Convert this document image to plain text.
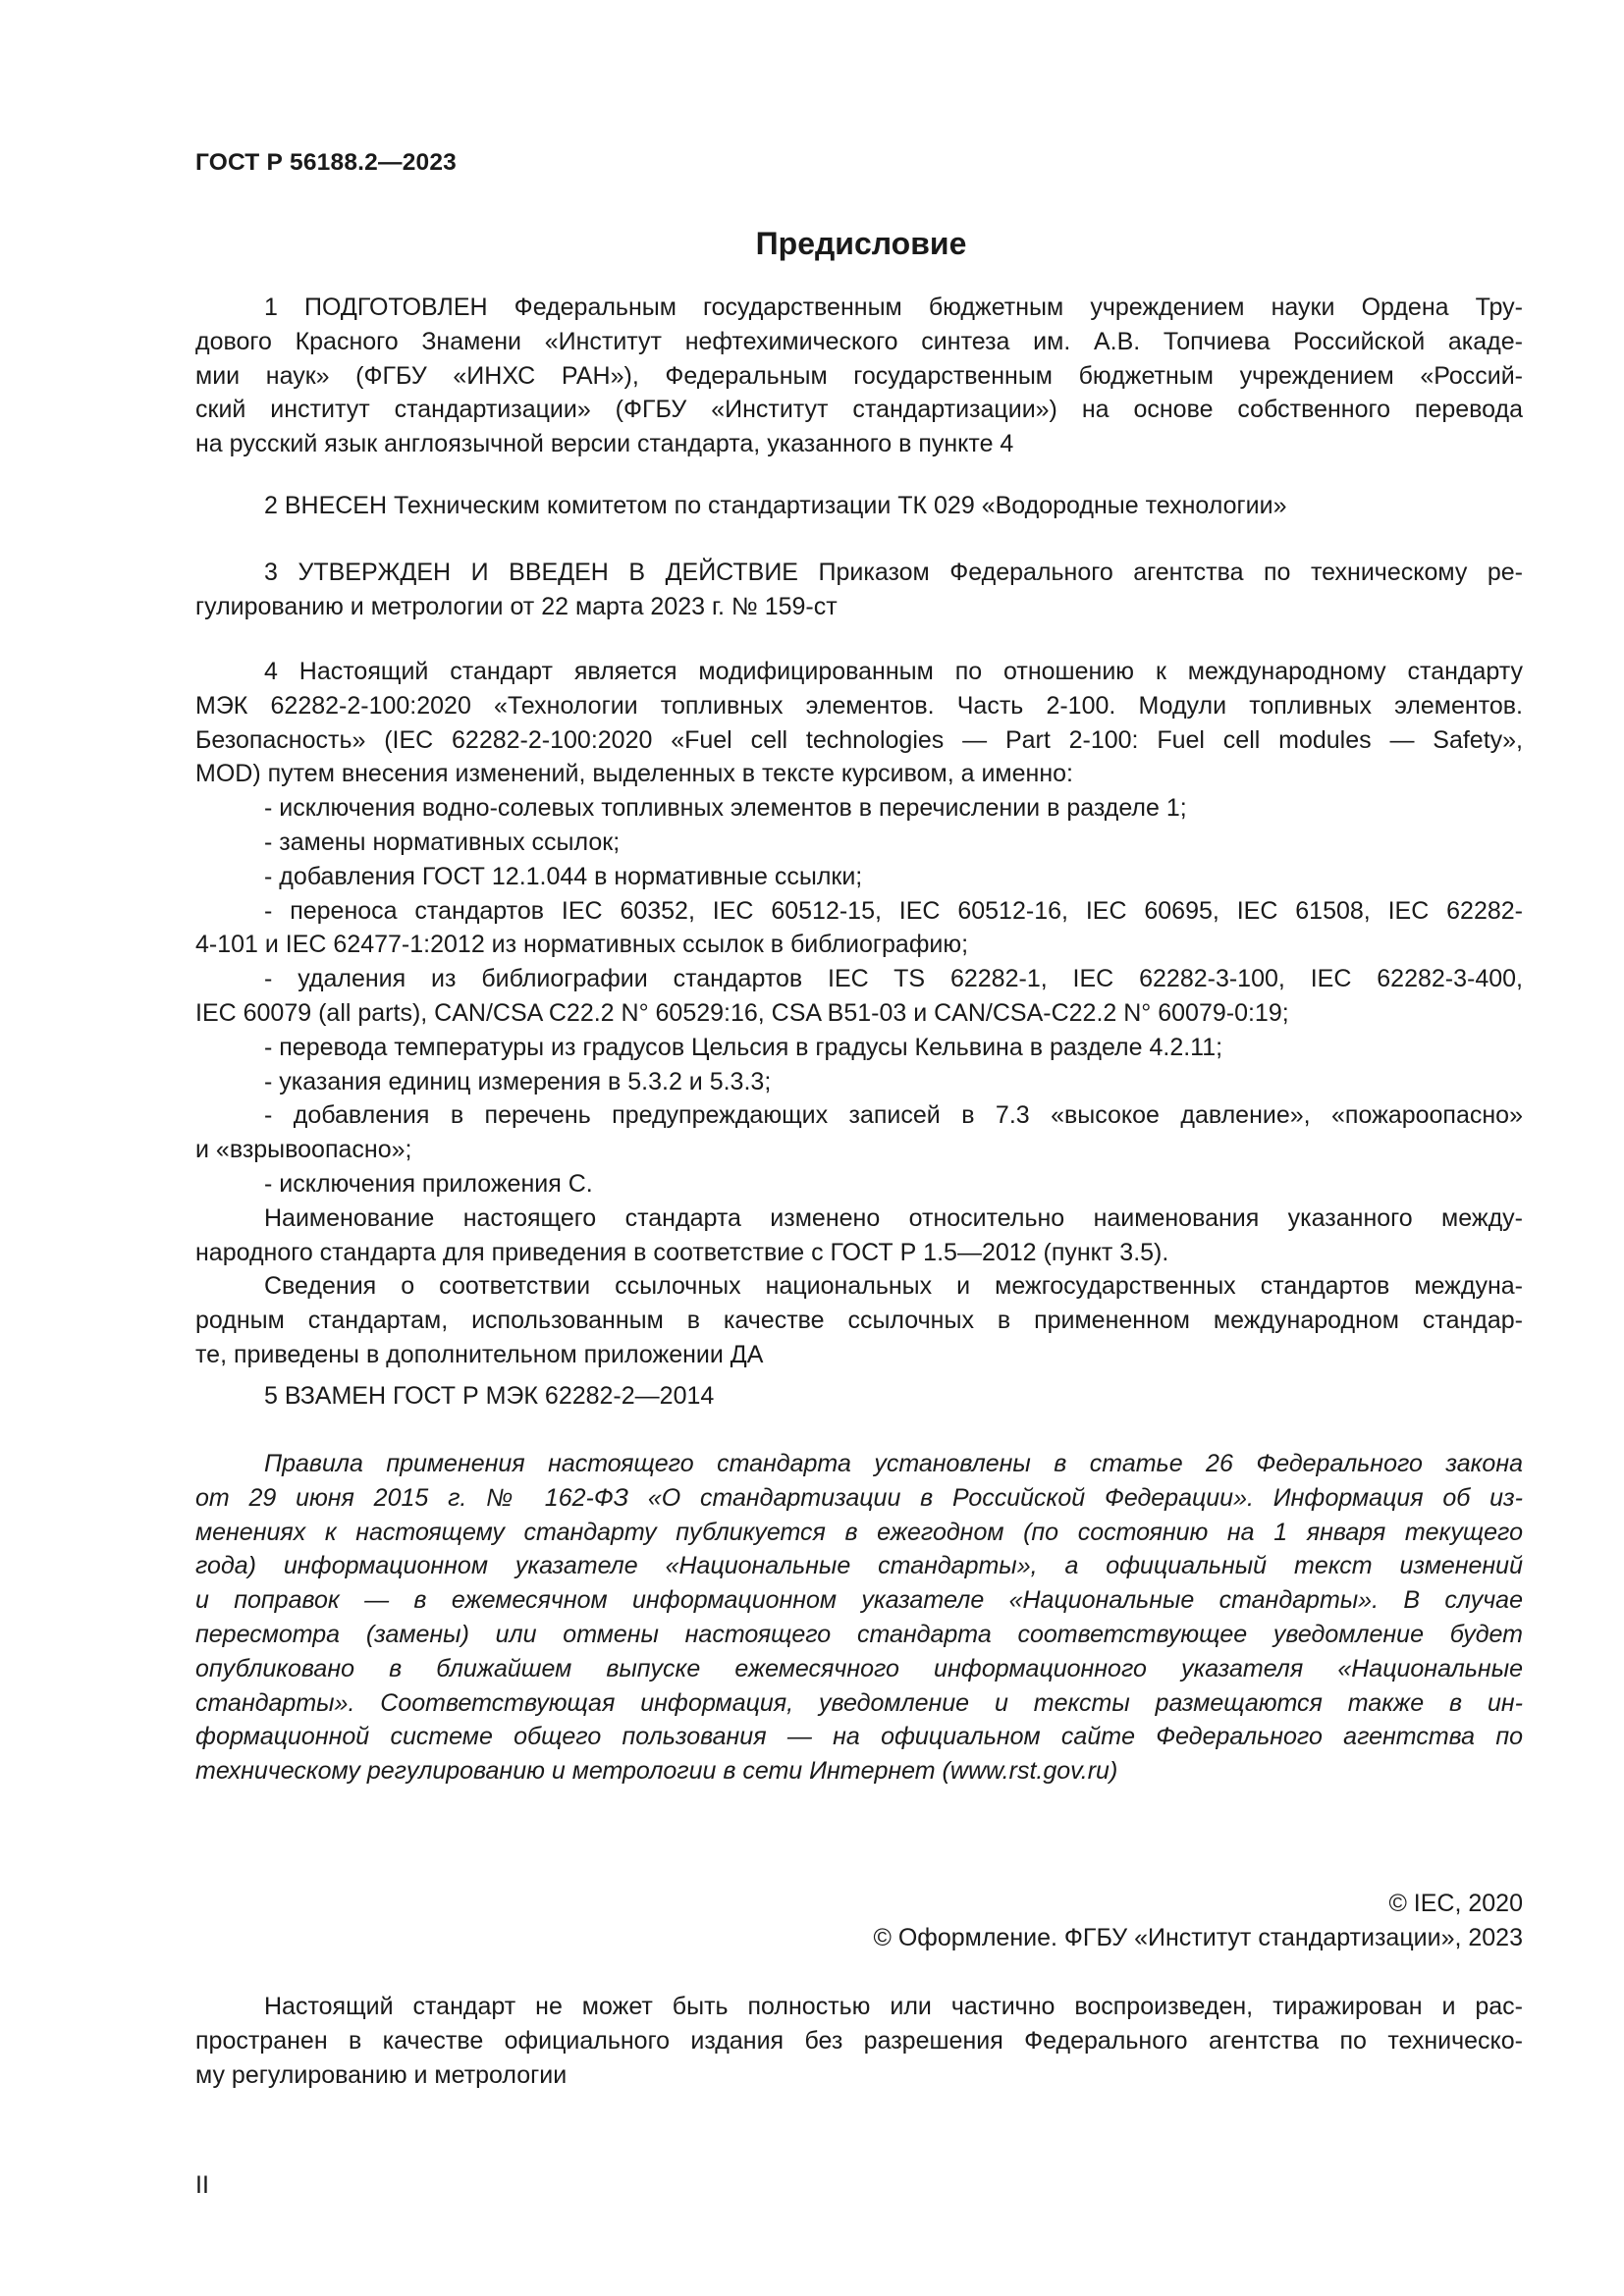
ГОСТ Р 56188.2—2023
Предисловие
1 ПОДГОТОВЛЕН Федеральным государственным бюджетным учреждением науки Ордена Тру-
дового Красного Знамени «Институт нефтехимического синтеза им. А.В. Топчиева Российской акаде-
мии наук» (ФГБУ «ИНХС РАН»), Федеральным государственным бюджетным учреждением «Россий-
ский институт стандартизации» (ФГБУ «Институт стандартизации») на основе собственного перевода
на русский язык англоязычной версии стандарта, указанного в пункте 4
2 ВНЕСЕН Техническим комитетом по стандартизации ТК 029 «Водородные технологии»
3 УТВЕРЖДЕН И ВВЕДЕН В ДЕЙСТВИЕ Приказом Федерального агентства по техническому ре-
гулированию и метрологии от 22 марта 2023 г. № 159-ст
4 Настоящий стандарт является модифицированным по отношению к международному стандарту
МЭК 62282-2-100:2020 «Технологии топливных элементов. Часть 2-100. Модули топливных элементов.
Безопасность» (IEC 62282-2-100:2020 «Fuel cell technologies — Part 2-100: Fuel cell modules — Safety»,
MOD) путем внесения изменений, выделенных в тексте курсивом, а именно:
- исключения водно-солевых топливных элементов в перечислении в разделе 1;
- замены нормативных ссылок;
- добавления ГОСТ 12.1.044 в нормативные ссылки;
- переноса стандартов IEC 60352, IEC 60512-15, IEC 60512-16, IEC 60695, IEC 61508, IEC 62282-
4-101 и IEC 62477-1:2012 из нормативных ссылок в библиографию;
- удаления из библиографии стандартов IEC TS 62282-1, IEC 62282-3-100, IEC 62282-3-400,
IEC 60079 (all parts), CAN/CSA C22.2 N° 60529:16, CSA B51-03 и CAN/CSA-C22.2 N° 60079-0:19;
- перевода температуры из градусов Цельсия в градусы Кельвина в разделе 4.2.11;
- указания единиц измерения в 5.3.2 и 5.3.3;
- добавления в перечень предупреждающих записей в 7.3 «высокое давление», «пожароопасно»
и «взрывоопасно»;
- исключения приложения С.
Наименование настоящего стандарта изменено относительно наименования указанного между-
народного стандарта для приведения в соответствие с ГОСТ Р 1.5—2012 (пункт 3.5).
Сведения о соответствии ссылочных национальных и межгосударственных стандартов междуна-
родным стандартам, использованным в качестве ссылочных в примененном международном стандар-
те, приведены в дополнительном приложении ДА
5 ВЗАМЕН ГОСТ Р МЭК 62282-2—2014
Правила применения настоящего стандарта установлены в статье 26 Федерального закона
от 29 июня 2015 г. № 162-ФЗ «О стандартизации в Российской Федерации». Информация об из-
менениях к настоящему стандарту публикуется в ежегодном (по состоянию на 1 января текущего
года) информационном указателе «Национальные стандарты», а официальный текст изменений
и поправок — в ежемесячном информационном указателе «Национальные стандарты». В случае
пересмотра (замены) или отмены настоящего стандарта соответствующее уведомление будет
опубликовано в ближайшем выпуске ежемесячного информационного указателя «Национальные
стандарты». Соответствующая информация, уведомление и тексты размещаются также в ин-
формационной системе общего пользования — на официальном сайте Федерального агентства по
техническому регулированию и метрологии в сети Интернет (www.rst.gov.ru)
© IEC, 2020
© Оформление. ФГБУ «Институт стандартизации», 2023
Настоящий стандарт не может быть полностью или частично воспроизведен, тиражирован и рас-
пространен в качестве официального издания без разрешения Федерального агентства по техническо-
му регулированию и метрологии
II
